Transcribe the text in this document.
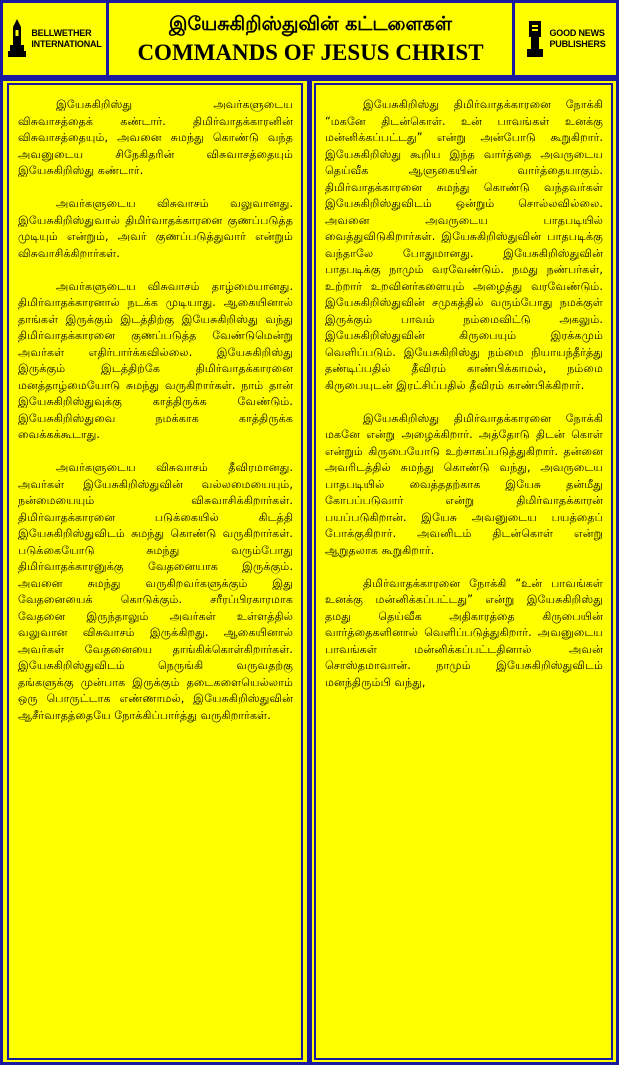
BELLWETHER
INTERNATIONAL
இயேசுகிறிஸ்துவின் கட்டளைகள்
COMMANDS OF JESUS CHRIST
GOOD NEWS
PUBLISHERS

இயேசுகிறிஸ்து அவர்களுடைய விசுவாசத்தைக் கண்டார். திமிர்வாதக்காரனின் விசுவாசத்தையும், அவனை சுமந்து கொண்டு வந்த அவனுடைய சிநேகிதரின் விசுவாசத்தையும் இயேசுகிறிஸ்து கண்டார்.

அவர்களுடைய விசுவாசம் வலுவானது. இயேசுகிறிஸ்துவால் திமிர்வாதக்காரனை குணப்படுத்த முடியும் என்றும், அவர் குணப்படுத்துவார் என்றும் விசுவாசிக்கிறார்கள்.

அவர்களுடைய விசுவாசம் தாழ்மையானது. திமிர்வாதக்காரனால் நடக்க முடியாது. ஆகையினால் தாங்கள் இருக்கும் இடத்திற்கு இயேசுகிறிஸ்து வந்து திமிர்வாதக்காரனை குணப்படுத்த வேண்டுமென்று அவர்கள் எதிர்பார்க்கவில்லை. இயேசுகிறிஸ்து இருக்கும் இடத்திற்கே திமிர்வாதக்காரனை மனத்தாழ்மையோடு சுமந்து வருகிறார்கள். நாம் தான் இயேசுகிறிஸ்துவுக்கு காத்திருக்க வேண்டும். இயேசுகிறிஸ்துவை நமக்காக காத்திருக்க வைக்கக்கூடாது.

அவர்களுடைய விசுவாசம் தீவிரமானது. அவர்கள் இயேசுகிறிஸ்துவின் வல்லமையையும், நன்மையையும் விசுவாசிக்கிறார்கள். திமிர்வாதக்காரனை படுக்கையில் கிடத்தி இயேசுகிறிஸ்துவிடம் சுமந்து கொண்டு வருகிறார்கள். படுக்கையோடு சுமந்து வரும்போது திமிர்வாதக்காரனுக்கு வேதனையாக இருக்கும். அவனை சுமந்து வருகிறவர்களுக்கும் இது வேதனையைக் கொடுக்கும். சரீரப்பிரகாரமாக வேதனை இருந்தாலும் அவர்கள் உள்ளத்தில் வலுவான விசுவாசம் இருக்கிறது. ஆகையினால் அவர்கள் வேதனையை தாங்கிக்கொள்கிறார்கள். இயேசுகிறிஸ்துவிடம் நெருங்கி வருவதற்கு தங்களுக்கு முன்பாக இருக்கும் தடைகளையெல்லாம் ஒரு பொருட்டாக எண்ணாமல், இயேசுகிறிஸ்துவின் ஆசீர்வாதத்தையே நோக்கிப்பார்த்து வருகிறார்கள்.

இயேசுகிறிஸ்து திமிர்வாதக்காரனை நோக்கி “மகனே திடன்கொள். உன் பாவங்கள் உனக்கு மன்னிக்கப்பட்டது” என்று அன்போடு கூறுகிறார். இயேசுகிறிஸ்து கூறிய இந்த வார்த்தை அவருடைய தெய்வீக ஆளுகையின் வார்த்தையாகும். திமிர்வாதக்காரனை சுமந்து கொண்டு வந்தவர்கள் இயேசுகிறிஸ்துவிடம் ஒன்றும் சொல்லவில்லை. அவனை அவருடைய பாதபடியில் வைத்துவிடுகிறார்கள். இயேசுகிறிஸ்துவின் பாதபடிக்கு வந்தாலே போதுமானது. இயேசுகிறிஸ்துவின் பாதபடிக்கு நாமும் வரவேண்டும். நமது நண்பர்கள், உற்றார் உறவினர்களையும் அழைத்து வரவேண்டும். இயேசுகிறிஸ்துவின் சமுகத்தில் வரும்போது நமக்குள் இருக்கும் பாவம் நம்மைவிட்டு அகலும். இயேசுகிறிஸ்துவின் கிருபையும் இரக்கமும் வெளிப்படும். இயேசுகிறிஸ்து நம்மை நியாயந்தீர்த்து தண்டிப்பதில் தீவிரம் காண்பிக்காமல், நம்மை கிருபையுடன் இரட்சிப்பதில் தீவிரம் காண்பிக்கிறார்.

இயேசுகிறிஸ்து திமிர்வாதக்காரனை நோக்கி மகனே என்று அழைக்கிறார். அத்தோடு திடன் கொள் என்றும் கிருபையோடு உற்சாகப்படுத்துகிறார். தன்னை அவரிடத்தில் சுமந்து கொண்டு வந்து, அவருடைய பாதபடியில் வைத்ததற்காக இயேசு தன்மீது கோபப்படுவார் என்று திமிர்வாதக்காரன் பயப்படுகிறான். இயேசு அவனுடைய பயத்தைப் போக்குகிறார். அவனிடம் திடன்கொள் என்று ஆறுதலாக கூறுகிறார்.

திமிர்வாதக்காரனை நோக்கி “உன் பாவங்கள் உனக்கு மன்னிக்கப்பட்டது” என்று இயேசுகிறிஸ்து தமது தெய்வீக அதிகாரத்தை கிருபையின் வார்த்தைகளினால் வெளிப்படுத்துகிறார். அவனுடைய பாவங்கள் மன்னிக்கப்பட்டதினால் அவன் சொஸ்தமாவான். நாமும் இயேசுகிறிஸ்துவிடம் மனந்திரும்பி வந்து,
